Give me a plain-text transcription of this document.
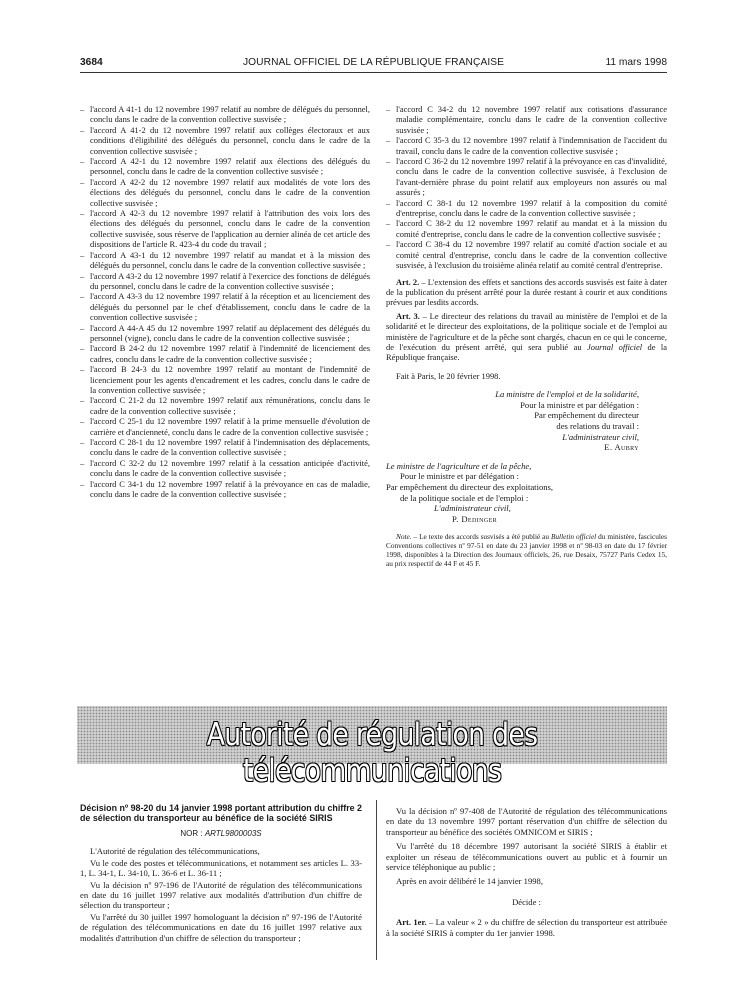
3684	JOURNAL OFFICIEL DE LA RÉPUBLIQUE FRANÇAISE	11 mars 1998

– l'accord A 41-1 du 12 novembre 1997 relatif au nombre de délégués du personnel, conclu dans le cadre de la convention collective susvisée ;

– l'accord A 41-2 du 12 novembre 1997 relatif aux collèges électoraux et aux conditions d'éligibilité des délégués du personnel, conclu dans le cadre de la convention collective susvisée ;

– l'accord A 42-1 du 12 novembre 1997 relatif aux élections des délégués du personnel, conclu dans le cadre de la convention collective susvisée ;

– l'accord A 42-2 du 12 novembre 1997 relatif aux modalités de vote lors des élections des délégués du personnel, conclu dans le cadre de la convention collective susvisée ;

– l'accord A 42-3 du 12 novembre 1997 relatif à l'attribution des voix lors des élections des délégués du personnel, conclu dans le cadre de la convention collective susvisée, sous réserve de l'application au dernier alinéa de cet article des dispositions de l'article R. 423-4 du code du travail ;

– l'accord A 43-1 du 12 novembre 1997 relatif au mandat et à la mission des délégués du personnel, conclu dans le cadre de la convention collective susvisée ;

– l'accord A 43-2 du 12 novembre 1997 relatif à l'exercice des fonctions de délégués du personnel, conclu dans le cadre de la convention collective susvisée ;

– l'accord A 43-3 du 12 novembre 1997 relatif à la réception et au licenciement des délégués du personnel par le chef d'établissement, conclu dans le cadre de la convention collective susvisée ;

– l'accord A 44-A 45 du 12 novembre 1997 relatif au déplacement des délégués du personnel (vigne), conclu dans le cadre de la convention collective susvisée ;

– l'accord B 24-2 du 12 novembre 1997 relatif à l'indemnité de licenciement des cadres, conclu dans le cadre de la convention collective susvisée ;

– l'accord B 24-3 du 12 novembre 1997 relatif au montant de l'indemnité de licenciement pour les agents d'encadrement et les cadres, conclu dans le cadre de la convention collective susvisée ;

– l'accord C 21-2 du 12 novembre 1997 relatif aux rémunérations, conclu dans le cadre de la convention collective susvisée ;

– l'accord C 25-1 du 12 novembre 1997 relatif à la prime mensuelle d'évolution de carrière et d'ancienneté, conclu dans le cadre de la convention collective susvisée ;

– l'accord C 28-1 du 12 novembre 1997 relatif à l'indemnisation des déplacements, conclu dans le cadre de la convention collective susvisée ;

– l'accord C 32-2 du 12 novembre 1997 relatif à la cessation anticipée d'activité, conclu dans le cadre de la convention collective susvisée ;

– l'accord C 34-1 du 12 novembre 1997 relatif à la prévoyance en cas de maladie, conclu dans le cadre de la convention collective susvisée ;

– l'accord C 34-2 du 12 novembre 1997 relatif aux cotisations d'assurance maladie complémentaire, conclu dans le cadre de la convention collective susvisée ;

– l'accord C 35-3 du 12 novembre 1997 relatif à l'indemnisation de l'accident du travail, conclu dans le cadre de la convention collective susvisée ;

– l'accord C 36-2 du 12 novembre 1997 relatif à la prévoyance en cas d'invalidité, conclu dans le cadre de la convention collective susvisée, à l'exclusion de l'avant-dernière phrase du point relatif aux employeurs non assurés ou mal assurés ;

– l'accord C 38-1 du 12 novembre 1997 relatif à la composition du comité d'entreprise, conclu dans le cadre de la convention collective susvisée ;

– l'accord C 38-2 du 12 novembre 1997 relatif au mandat et à la mission du comité d'entreprise, conclu dans le cadre de la convention collective susvisée ;

– l'accord C 38-4 du 12 novembre 1997 relatif au comité d'action sociale et au comité central d'entreprise, conclu dans le cadre de la convention collective susvisée, à l'exclusion du troisième alinéa relatif au comité central d'entreprise.

Art. 2. – L'extension des effets et sanctions des accords susvisés est faite à dater de la publication du présent arrêté pour la durée restant à courir et aux conditions prévues par lesdits accords.

Art. 3. – Le directeur des relations du travail au ministère de l'emploi et de la solidarité et le directeur des exploitations, de la politique sociale et de l'emploi au ministère de l'agriculture et de la pêche sont chargés, chacun en ce qui le concerne, de l'exécution du présent arrêté, qui sera publié au Journal officiel de la République française.

Fait à Paris, le 20 février 1998.

La ministre de l'emploi et de la solidarité,
Pour la ministre et par délégation :
Par empêchement du directeur
des relations du travail :
L'administrateur civil,
E. Aubry
Le ministre de l'agriculture et de la pêche,
Pour le ministre et par délégation :
Par empêchement du directeur des exploitations,
de la politique sociale et de l'emploi :
L'administrateur civil,
P. Dedinger

Note. – Le texte des accords susvisés a été publié au Bulletin officiel du ministère, fascicules Conventions collectives nº 97-51 en date du 23 janvier 1998 et nº 98-03 en date du 17 février 1998, disponibles à la Direction des Journaux officiels, 26, rue Desaix, 75727 Paris Cedex 15, au prix respectif de 44 F et 45 F.

Autorité de régulation des télécommunications

Décision nº 98-20 du 14 janvier 1998 portant attribution du chiffre 2 de sélection du transporteur au bénéfice de la société SIRIS

NOR : ARTL9800003S

L'Autorité de régulation des télécommunications,

Vu le code des postes et télécommunications, et notamment ses articles L. 33-1, L. 34-1, L. 34-10, L. 36-6 et L. 36-11 ;

Vu la décision nº 97-196 de l'Autorité de régulation des télécommunications en date du 16 juillet 1997 relative aux modalités d'attribution d'un chiffre de sélection du transporteur ;

Vu l'arrêté du 30 juillet 1997 homologuant la décision nº 97-196 de l'Autorité de régulation des télécommunications en date du 16 juillet 1997 relative aux modalités d'attribution d'un chiffre de sélection du transporteur ;

Vu la décision nº 97-408 de l'Autorité de régulation des télécommunications en date du 13 novembre 1997 portant réservation d'un chiffre de sélection du transporteur au bénéfice des sociétés OMNICOM et SIRIS ;

Vu l'arrêté du 18 décembre 1997 autorisant la société SIRIS à établir et exploiter un réseau de télécommunications ouvert au public et à fournir un service téléphonique au public ;

Après en avoir délibéré le 14 janvier 1998,

Décide :

Art. 1er. – La valeur « 2 » du chiffre de sélection du transporteur est attribuée à la société SIRIS à compter du 1er janvier 1998.
